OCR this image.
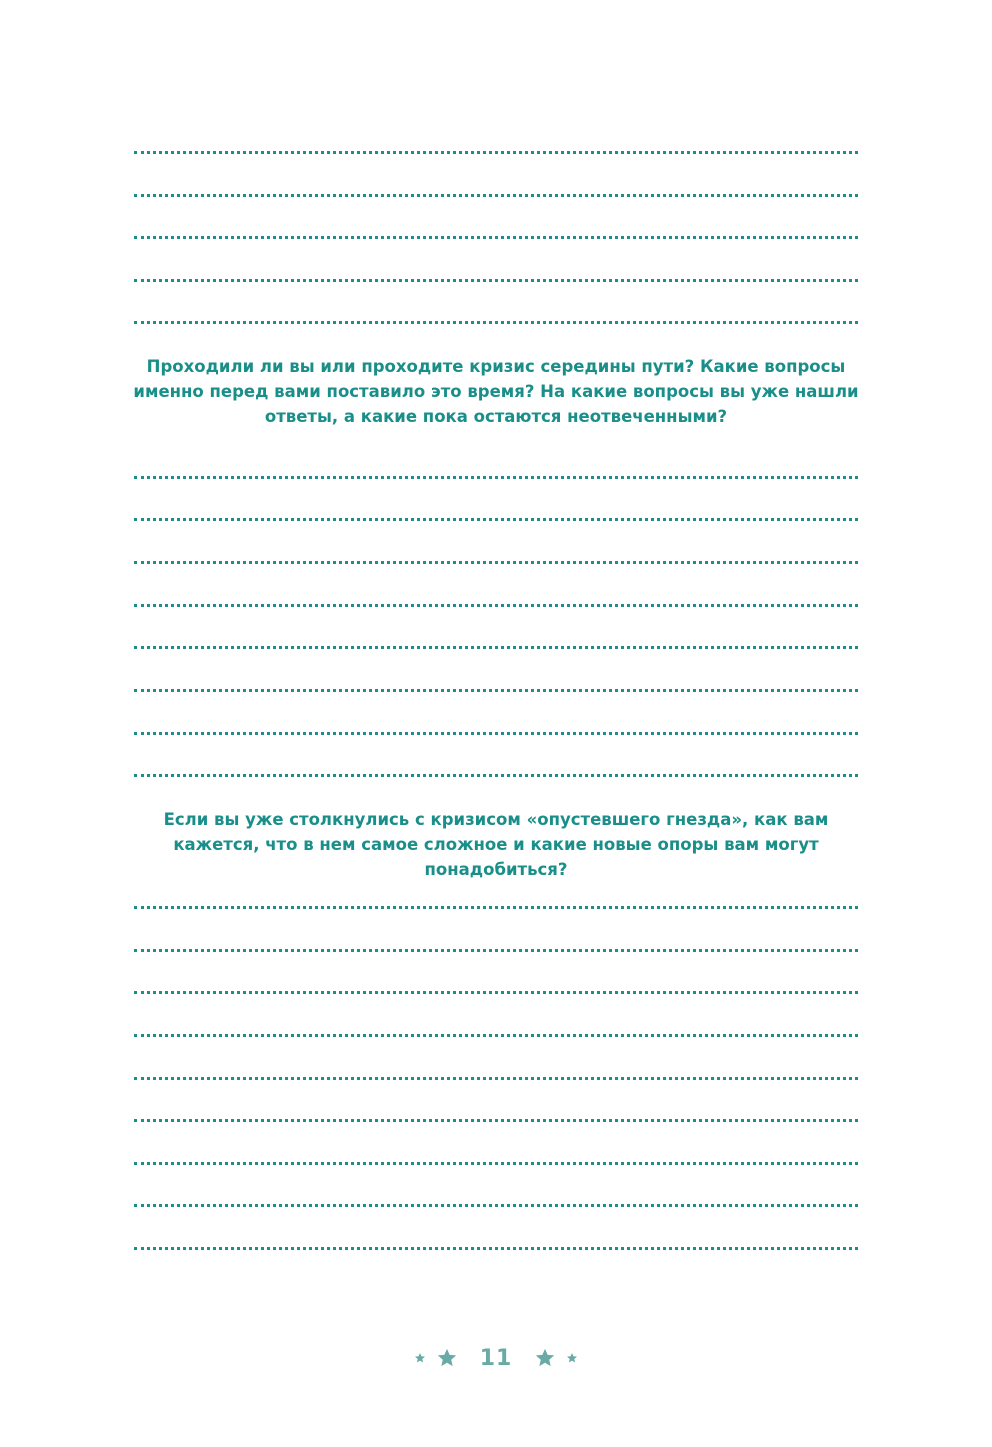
Проходили ли вы или проходите кризис середины пути? Какие вопросы именно перед вами поставило это время? На какие вопросы вы уже нашли ответы, а какие пока остаются неотвеченными?

Если вы уже столкнулись с кризисом «опустевшего гнезда», как вам кажется, что в нем самое сложное и какие новые опоры вам могут понадобиться?

11
